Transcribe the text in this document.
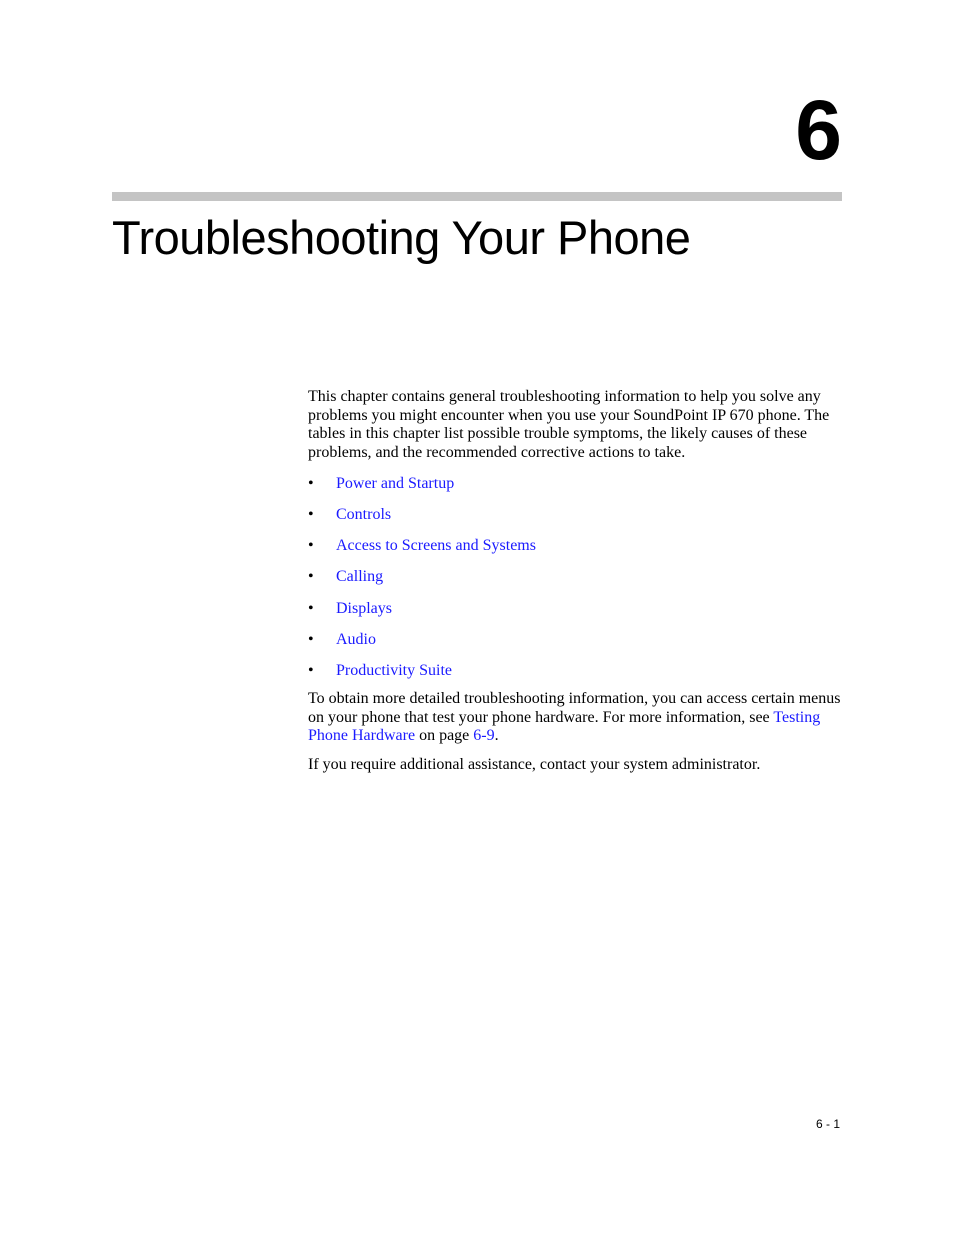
6
Troubleshooting Your Phone

This chapter contains general troubleshooting information to help you solve any problems you might encounter when you use your SoundPoint IP 670 phone. The tables in this chapter list possible trouble symptoms, the likely causes of these problems, and the recommended corrective actions to take.

• Power and Startup
• Controls
• Access to Screens and Systems
• Calling
• Displays
• Audio
• Productivity Suite

To obtain more detailed troubleshooting information, you can access certain menus on your phone that test your phone hardware. For more information, see Testing Phone Hardware on page 6-9.

If you require additional assistance, contact your system administrator.

6 - 1
